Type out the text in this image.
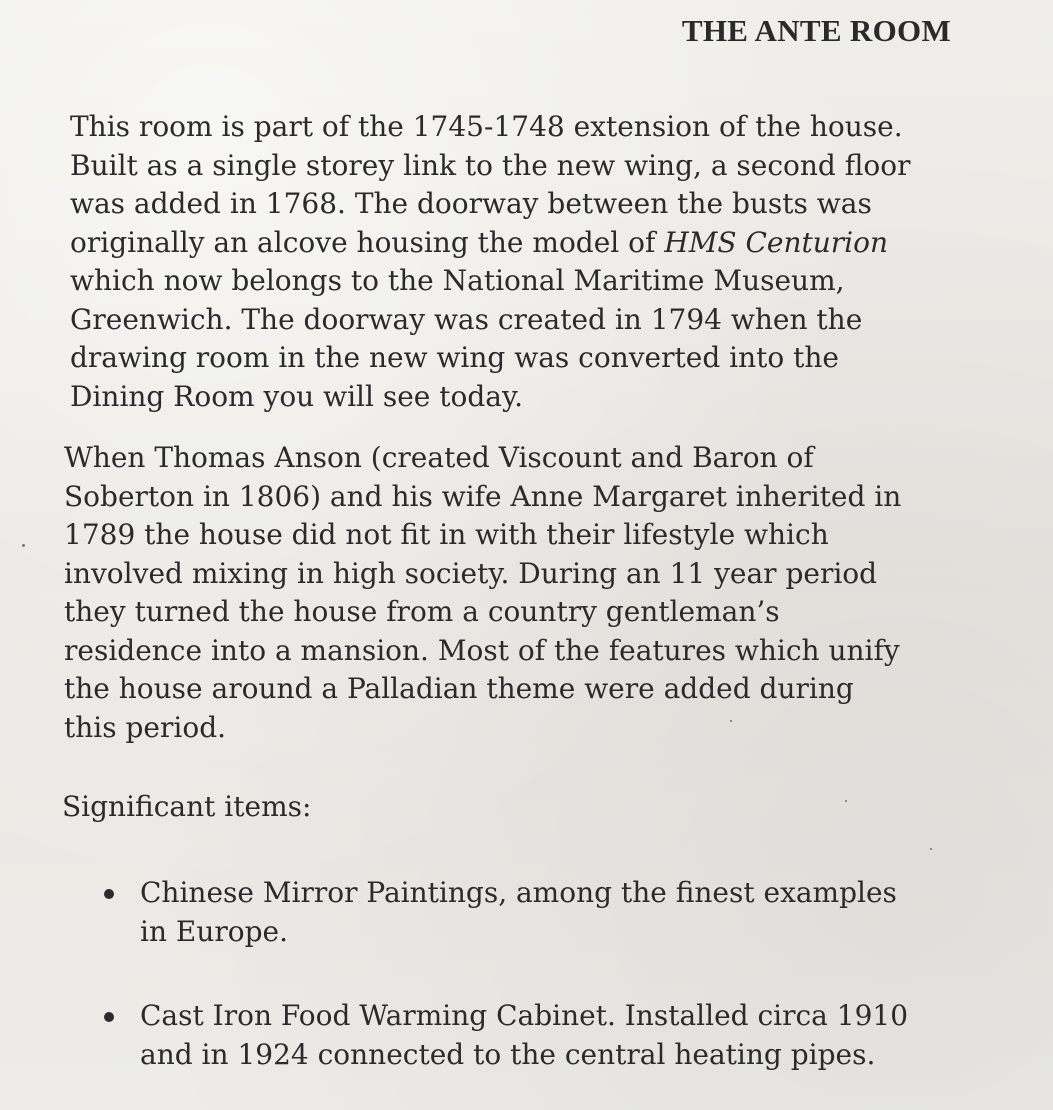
THE ANTE ROOM

This room is part of the 1745-1748 extension of the house.
Built as a single storey link to the new wing, a second floor
was added in 1768. The doorway between the busts was
originally an alcove housing the model of HMS Centurion
which now belongs to the National Maritime Museum,
Greenwich. The doorway was created in 1794 when the
drawing room in the new wing was converted into the
Dining Room you will see today.

When Thomas Anson (created Viscount and Baron of
Soberton in 1806) and his wife Anne Margaret inherited in
1789 the house did not fit in with their lifestyle which
involved mixing in high society. During an 11 year period
they turned the house from a country gentleman’s
residence into a mansion. Most of the features which unify
the house around a Palladian theme were added during
this period.

Significant items:
Chinese Mirror Paintings, among the finest examples
in Europe.
Cast Iron Food Warming Cabinet. Installed circa 1910
and in 1924 connected to the central heating pipes.
